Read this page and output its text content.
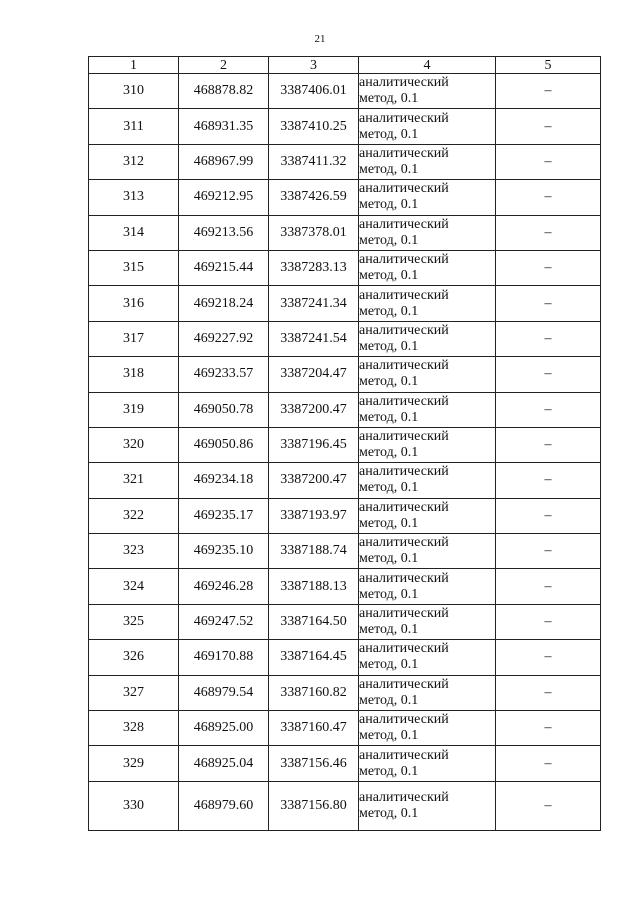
21
1	2	3	4	5
310	468878.82	3387406.01	аналитический
метод, 0.1	–
311	468931.35	3387410.25	аналитический
метод, 0.1	–
312	468967.99	3387411.32	аналитический
метод, 0.1	–
313	469212.95	3387426.59	аналитический
метод, 0.1	–
314	469213.56	3387378.01	аналитический
метод, 0.1	–
315	469215.44	3387283.13	аналитический
метод, 0.1	–
316	469218.24	3387241.34	аналитический
метод, 0.1	–
317	469227.92	3387241.54	аналитический
метод, 0.1	–
318	469233.57	3387204.47	аналитический
метод, 0.1	–
319	469050.78	3387200.47	аналитический
метод, 0.1	–
320	469050.86	3387196.45	аналитический
метод, 0.1	–
321	469234.18	3387200.47	аналитический
метод, 0.1	–
322	469235.17	3387193.97	аналитический
метод, 0.1	–
323	469235.10	3387188.74	аналитический
метод, 0.1	–
324	469246.28	3387188.13	аналитический
метод, 0.1	–
325	469247.52	3387164.50	аналитический
метод, 0.1	–
326	469170.88	3387164.45	аналитический
метод, 0.1	–
327	468979.54	3387160.82	аналитический
метод, 0.1	–
328	468925.00	3387160.47	аналитический
метод, 0.1	–
329	468925.04	3387156.46	аналитический
метод, 0.1	–
330	468979.60	3387156.80	аналитический
метод, 0.1	–
